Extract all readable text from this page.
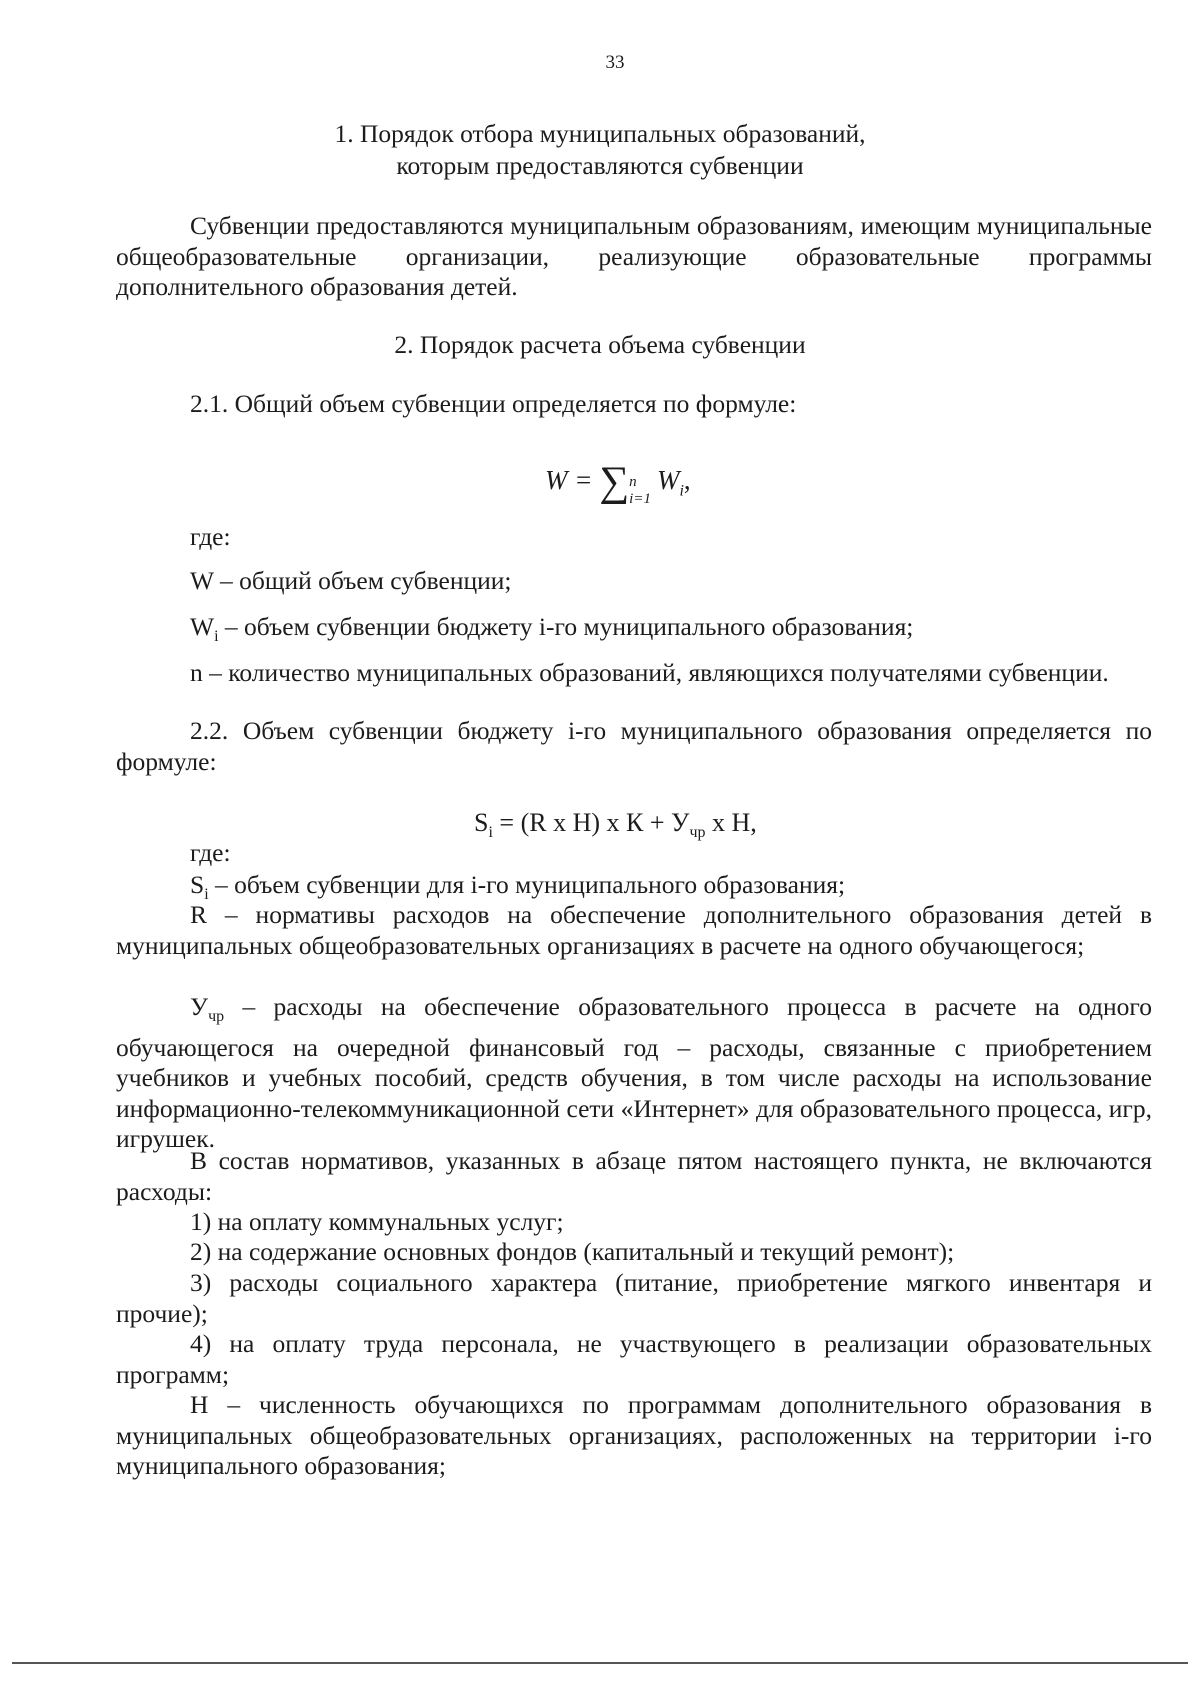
33
1. Порядок отбора муниципальных образований,
которым предоставляются субвенции
Субвенции предоставляются муниципальным образованиям, имеющим муниципальные общеобразовательные организации, реализующие образовательные программы дополнительного образования детей.
2. Порядок расчета объема субвенции
2.1. Общий объем субвенции определяется по формуле:
W = ∑n
$i=1W_i$,
где:
W – общий объем субвенции;
$W_i$ – объем субвенции бюджету i-го муниципального образования;
n – количество муниципальных образований, являющихся получателями субвенции.
2.2. Объем субвенции бюджету i-го муниципального образования определяется по формуле:
$S_i = (R$ х Н) х $К + У_{чр}$ х Н,
где:
$S_i$ – объем субвенции для i-го муниципального образования;
R – нормативы расходов на обеспечение дополнительного образования детей в муниципальных общеобразовательных организациях в расчете на одного обучающегося;
$У_{чр}$ – расходы на обеспечение образовательного процесса в расчете на одного обучающегося на очередной финансовый год – расходы, связанные с приобретением учебников и учебных пособий, средств обучения, в том числе расходы на использование информационно-телекоммуникационной сети «Интернет» для образовательного процесса, игр, игрушек.
В состав нормативов, указанных в абзаце пятом настоящего пункта, не включаются расходы:
1) на оплату коммунальных услуг;
2) на содержание основных фондов (капитальный и текущий ремонт);
3) расходы социального характера (питание, приобретение мягкого инвентаря и прочие);
4) на оплату труда персонала, не участвующего в реализации образовательных программ;
Н – численность обучающихся по программам дополнительного образования в муниципальных общеобразовательных организациях, расположенных на территории i-го муниципального образования;
